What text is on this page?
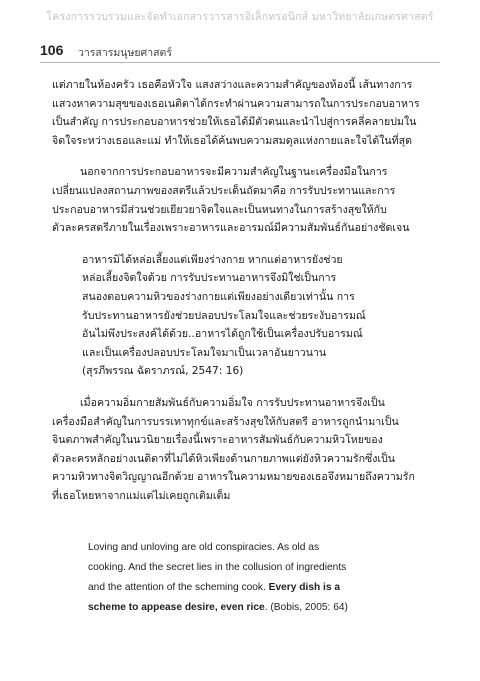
โครงการรวบรวมและจัดทำเอกสารวารสารอิเล็กทรอนิกส์ มหาวิทยาลัยเกษตรศาสตร์
106 วารสารมนุษยศาสตร์
แต่ภายในห้องครัว เธอคือหัวใจ แสงสว่างและความสำคัญของห้องนี้ เส้นทางการ
แสวงหาความสุขของเธอเนติตาได้กระทำผ่านความสามารถในการประกอบอาหาร
เป็นสำคัญ การประกอบอาหารช่วยให้เธอได้มีตัวตนและนำไปสู่การคลี่คลายปมใน
จิตใจระหว่างเธอและแม่ ทำให้เธอได้ค้นพบความสมดุลแห่งกายและใจได้ในที่สุด
นอกจากการประกอบอาหารจะมีความสำคัญในฐานะเครื่องมือในการ
เปลี่ยนแปลงสถานภาพของสตรีแล้วประเด็นถัดมาคือ การรับประทานและการ
ประกอบอาหารมีส่วนช่วยเยียวยาจิตใจและเป็นหนทางในการสร้างสุขให้กับ
ตัวละครสตรีภายในเรื่องเพราะอาหารและอารมณ์มีความสัมพันธ์กันอย่างชัดเจน
อาหารมิได้หล่อเลี้ยงแต่เพียงร่างกาย หากแต่อาหารยังช่วย
หล่อเลี้ยงจิตใจด้วย การรับประทานอาหารจึงมิใช่เป็นการ
สนองตอบความหิวของร่างกายแต่เพียงอย่างเดียวเท่านั้น การ
รับประทานอาหารยังช่วยปลอบประโลมใจและช่วยระงับอารมณ์
อันไม่พึงประสงค์ได้ด้วย..อาหารได้ถูกใช้เป็นเครื่องปรับอารมณ์
และเป็นเครื่องปลอบประโลมใจมาเป็นเวลาอันยาวนาน
(สุรภีพรรณ ฉัตราภรณ์, 2547: 16)
เมื่อความอิ่มกายสัมพันธ์กับความอิ่มใจ การรับประทานอาหารจึงเป็น
เครื่องมือสำคัญในการบรรเทาทุกข์และสร้างสุขให้กับสตรี อาหารถูกนำมาเป็น
จินตภาพสำคัญในนวนิยายเรื่องนี้เพราะอาหารสัมพันธ์กับความหิวโหยของ
ตัวละครหลักอย่างเนติตาที่ไม่ได้หิวเพียงด้านกายภาพแต่ยังหิวความรักซึ่งเป็น
ความหิวทางจิตวิญญาณอีกด้วย อาหารในความหมายของเธอจึงหมายถึงความรัก
ที่เธอโหยหาจากแม่แต่ไม่เคยถูกเติมเต็ม
Loving and unloving are old conspiracies. As old as
cooking. And the secret lies in the collusion of ingredients
and the attention of the scheming cook. Every dish is a
scheme to appease desire, even rice. (Bobis, 2005: 64)
